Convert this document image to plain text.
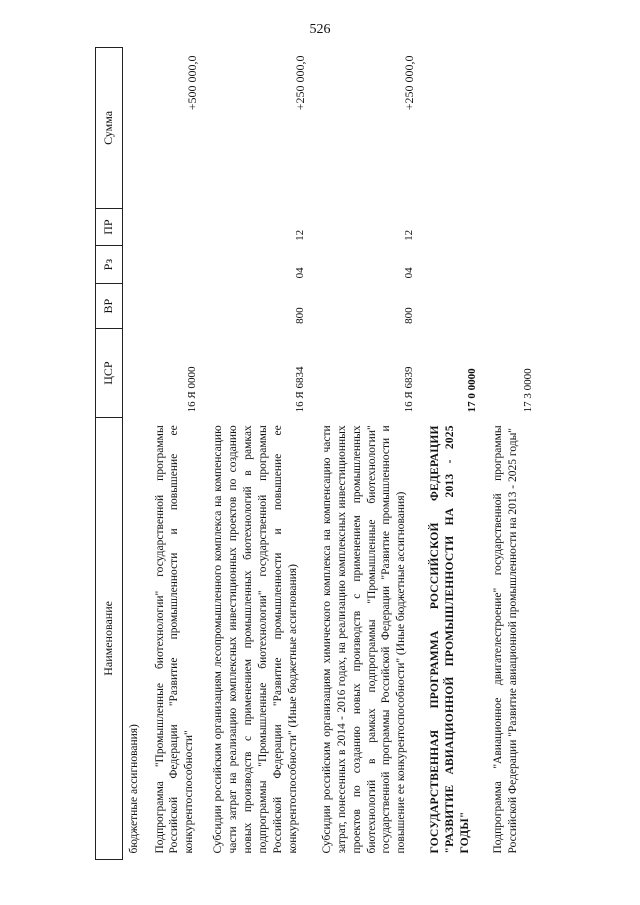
526
Наименование	ЦСР	ВР	Рз	ПР	Сумма
бюджетные ассигнования)					
Подпрограмма "Промышленные биотехнологии" государственной программы Российской Федерации "Развитие промышленности и повышение ее конкурентоспособности"	16 Я 0000				+500 000,0
Субсидии российским организациям лесопромышленного комплекса на компенсацию части затрат на реализацию комплексных инвестиционных проектов по созданию новых производств с применением промышленных биотехнологий в рамках подпрограммы "Промышленные биотехнологии" государственной программы Российской Федерации "Развитие промышленности и повышение ее конкурентоспособности" (Иные бюджетные ассигнования)	16 Я 6834	800	04	12	+250 000,0
Субсидии российским организациям химического комплекса на компенсацию части затрат, понесенных в 2014 - 2016 годах, на реализацию комплексных инвестиционных проектов по созданию новых производств с применением промышленных биотехнологий в рамках подпрограммы "Промышленные биотехнологии" государственной программы Российской Федерации "Развитие промышленности и повышение ее конкурентоспособности" (Иные бюджетные ассигнования)	16 Я 6839	800	04	12	+250 000,0
ГОСУДАРСТВЕННАЯ ПРОГРАММА РОССИЙСКОЙ ФЕДЕРАЦИИ "РАЗВИТИЕ АВИАЦИОННОЙ ПРОМЫШЛЕННОСТИ НА 2013 - 2025 ГОДЫ"	17 0 0000				
Подпрограмма "Авиационное двигателестроение" государственной программы Российской Федерации "Развитие авиационной промышленности на 2013 - 2025 годы"	17 3 0000				
